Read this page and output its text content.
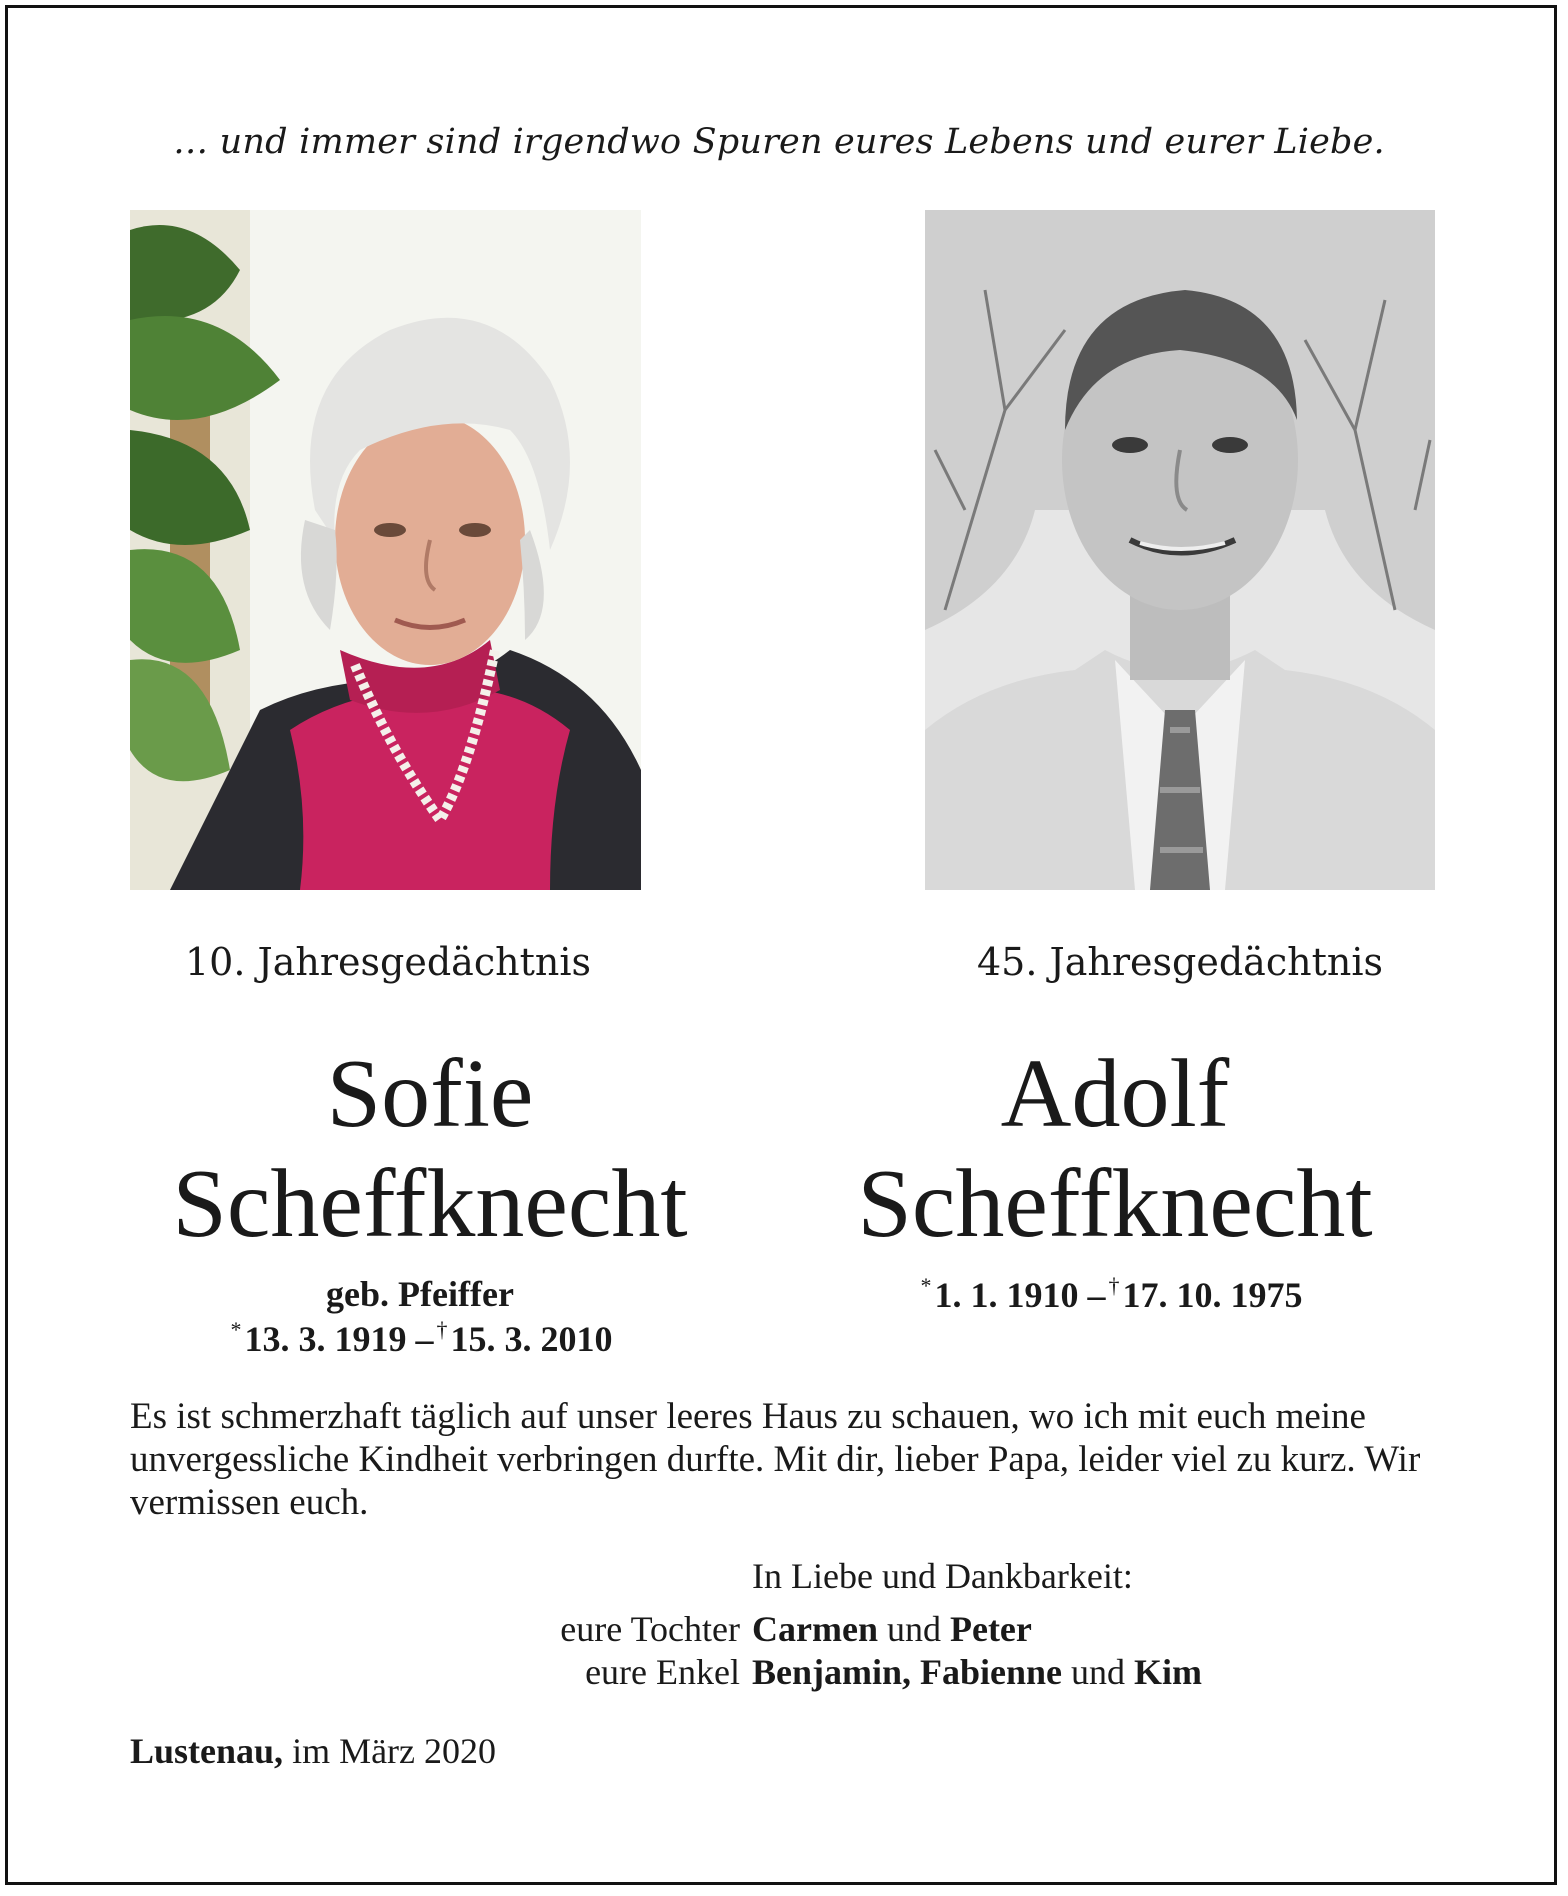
… und immer sind irgendwo Spuren eures Lebens und eurer Liebe.
10. Jahresgedächtnis	45. Jahresgedächtnis
Sofie
Scheffknecht
Adolf
Scheffknecht
geb. Pfeiffer
*13. 3. 1919 – †15. 3. 2010
*1. 1. 1910 – †17. 10. 1975
Es ist schmerzhaft täglich auf unser leeres Haus zu schauen, wo ich mit euch meine unvergessliche Kindheit verbringen durfte. Mit dir, lieber Papa, leider viel zu kurz. Wir vermissen euch.
In Liebe und Dankbarkeit:
eure Tochter Carmen und Peter
eure Enkel Benjamin, Fabienne und Kim
Lustenau, im März 2020
